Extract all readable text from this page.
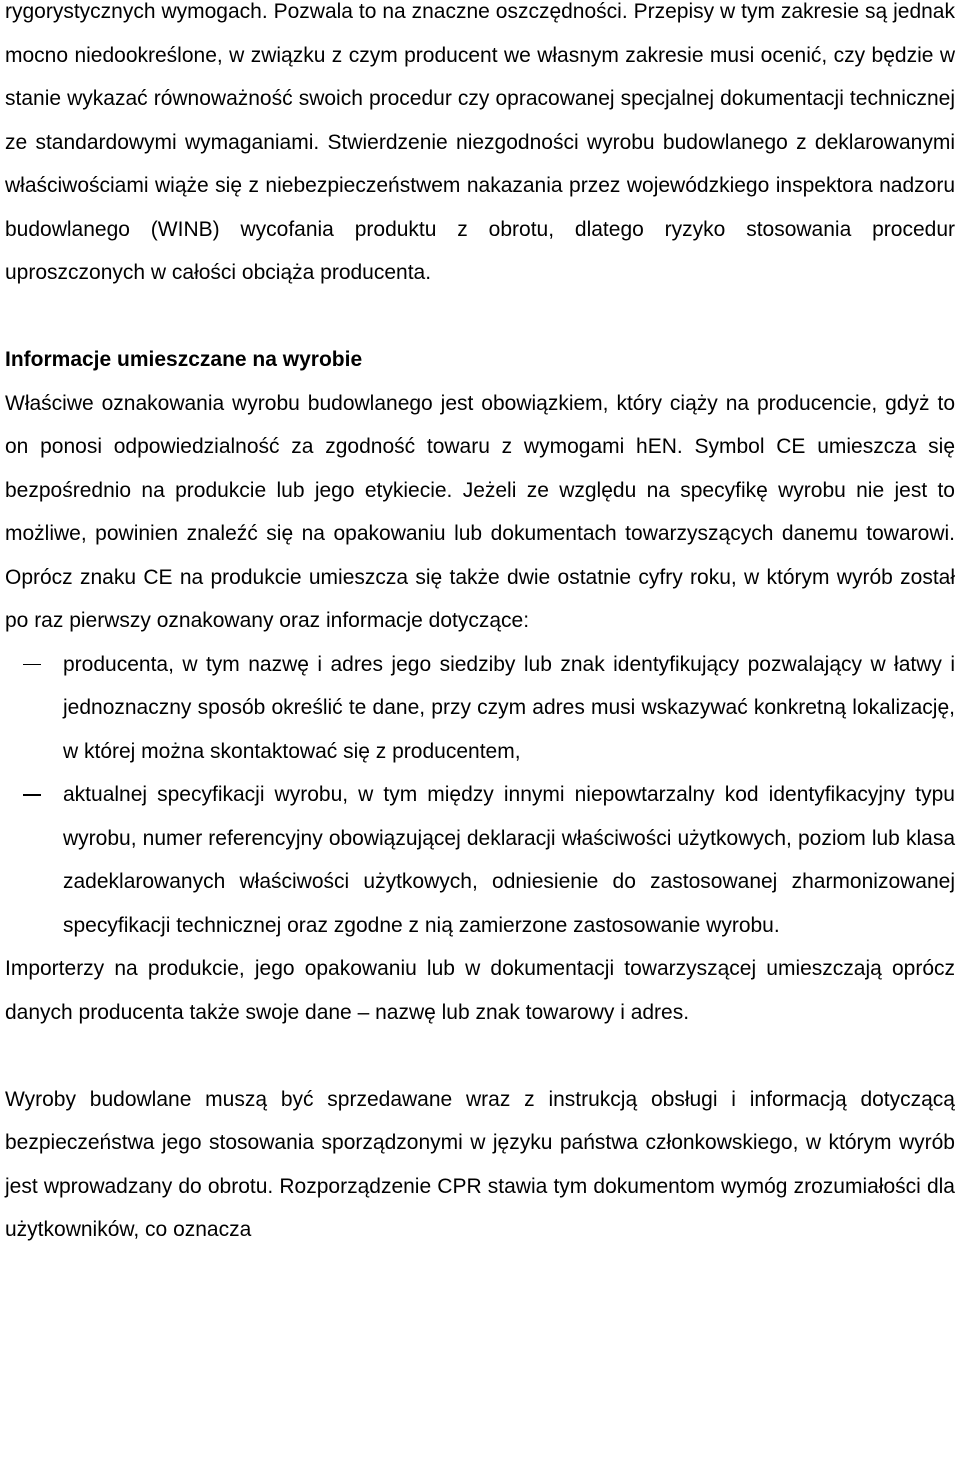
rygorystycznych wymogach. Pozwala to na znaczne oszczędności. Przepisy w tym zakresie są jednak mocno niedookreślone, w związku z czym producent we własnym zakresie musi ocenić, czy będzie w stanie wykazać równoważność swoich procedur czy opracowanej specjalnej dokumentacji technicznej ze standardowymi wymaganiami. Stwierdzenie niezgodności wyrobu budowlanego z deklarowanymi właściwościami wiąże się z niebezpieczeństwem nakazania przez wojewódzkiego inspektora nadzoru budowlanego (WINB) wycofania produktu z obrotu, dlatego ryzyko stosowania procedur uproszczonych w całości obciąża producenta.

Informacje umieszczane na wyrobie

Właściwe oznakowania wyrobu budowlanego jest obowiązkiem, który ciąży na producencie, gdyż to on ponosi odpowiedzialność za zgodność towaru z wymogami hEN. Symbol CE umieszcza się bezpośrednio na produkcie lub jego etykiecie. Jeżeli ze względu na specyfikę wyrobu nie jest to możliwe, powinien znaleźć się na opakowaniu lub dokumentach towarzyszących danemu towarowi. Oprócz znaku CE na produkcie umieszcza się także dwie ostatnie cyfry roku, w którym wyrób został po raz pierwszy oznakowany oraz informacje dotyczące:

producenta, w tym nazwę i adres jego siedziby lub znak identyfikujący pozwalający w łatwy i jednoznaczny sposób określić te dane, przy czym adres musi wskazywać konkretną lokalizację, w której można skontaktować się z producentem,
aktualnej specyfikacji wyrobu, w tym między innymi niepowtarzalny kod identyfikacyjny typu wyrobu, numer referencyjny obowiązującej deklaracji właściwości użytkowych, poziom lub klasa zadeklarowanych właściwości użytkowych, odniesienie do zastosowanej zharmonizowanej specyfikacji technicznej oraz zgodne z nią zamierzone zastosowanie wyrobu.

Importerzy na produkcie, jego opakowaniu lub w dokumentacji towarzyszącej umieszczają oprócz danych producenta także swoje dane – nazwę lub znak towarowy i adres.

Wyroby budowlane muszą być sprzedawane wraz z instrukcją obsługi i informacją dotyczącą bezpieczeństwa jego stosowania sporządzonymi w języku państwa członkowskiego, w którym wyrób jest wprowadzany do obrotu. Rozporządzenie CPR stawia tym dokumentom wymóg zrozumiałości dla użytkowników, co oznacza
